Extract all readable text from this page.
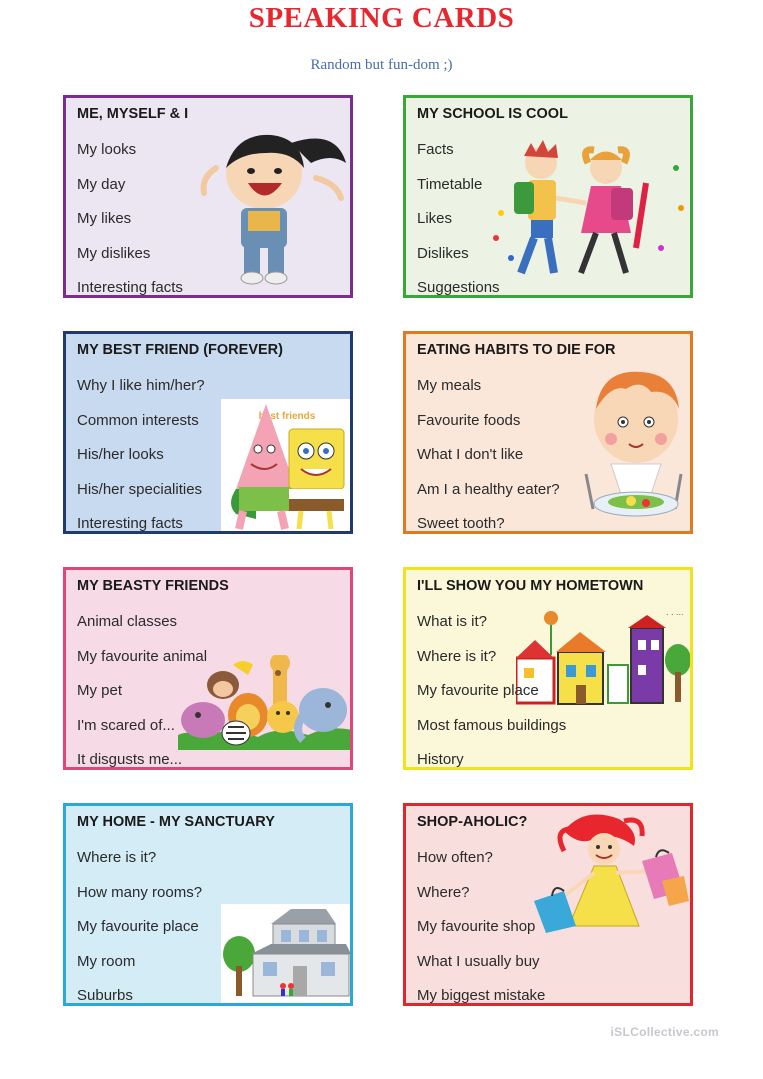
SPEAKING CARDS
Random but fun-dom ;)
ME, MYSELF & I
My looks
My day
My likes
My dislikes
Interesting facts
MY SCHOOL IS COOL
Facts
Timetable
Likes
Dislikes
Suggestions
MY BEST FRIEND (FOREVER)
Why I like him/her?
Common interests
His/her looks
His/her specialities
Interesting facts
best friends
EATING HABITS TO DIE FOR
My meals
Favourite foods
What I don't like
Am I a healthy eater?
Sweet tooth?
MY BEASTY FRIENDS
Animal classes
My favourite animal
My pet
I'm scared of...
It disgusts me...
I'LL SHOW YOU MY HOMETOWN
What is it?
Where is it?
My favourite place
Most famous buildings
History
. . ...
MY HOME - MY SANCTUARY
Where is it?
How many rooms?
My favourite place
My room
Suburbs
SHOP-AHOLIC?
How often?
Where?
My favourite shop
What I usually buy
My biggest mistake
iSLCollective.com
